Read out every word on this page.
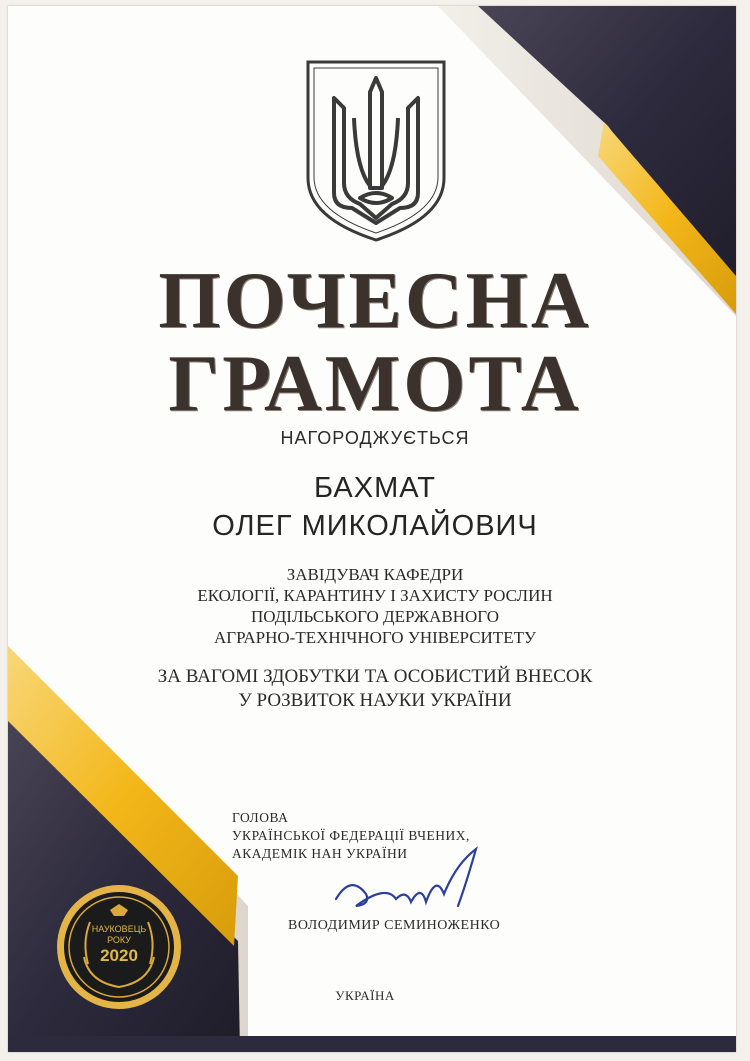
НАУКОВЕЦЬ

РОКУ

2020

ПОЧЕСНА
ГРАМОТА

НАГОРОДЖУЄТЬСЯ

БАХМАТ

ОЛЕГ МИКОЛАЙОВИЧ

ЗАВІДУВАЧ КАФЕДРИ

ЕКОЛОГІЇ, КАРАНТИНУ І ЗАХИСТУ РОСЛИН

ПОДІЛЬСЬКОГО ДЕРЖАВНОГО

АГРАРНО-ТЕХНІЧНОГО УНІВЕРСИТЕТУ

ЗА ВАГОМІ ЗДОБУТКИ ТА ОСОБИСТИЙ ВНЕСОК

У РОЗВИТОК НАУКИ УКРАЇНИ

ГОЛОВА

УКРАЇНСЬКОЇ ФЕДЕРАЦІЇ ВЧЕНИХ,

АКАДЕМІК НАН УКРАЇНИ

ВОЛОДИМИР СЕМИНОЖЕНКО

УКРАЇНА
